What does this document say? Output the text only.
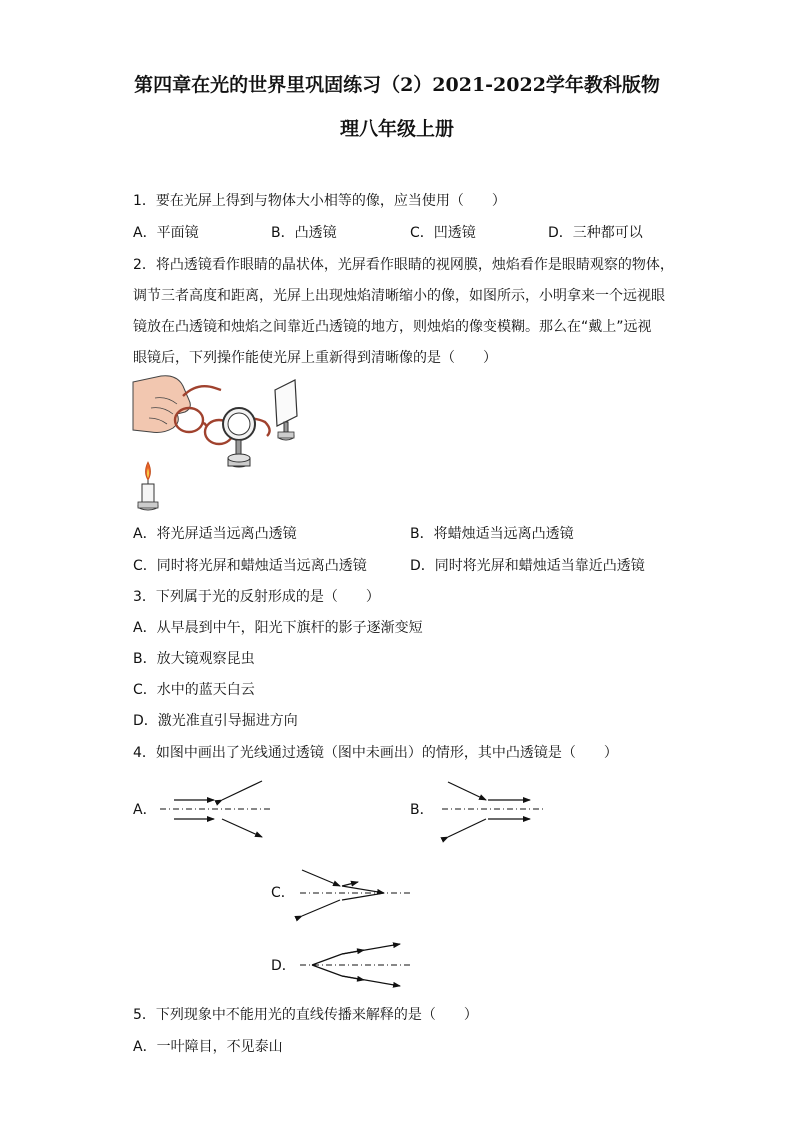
第四章在光的世界里巩固练习（2）2021-2022学年教科版物
理八年级上册
1．要在光屏上得到与物体大小相等的像，应当使用（　　）
A．平面镜	B．凸透镜	C．凹透镜	D．三种都可以
2．将凸透镜看作眼睛的晶状体，光屏看作眼睛的视网膜，烛焰看作是眼睛观察的物体，
调节三者高度和距离，光屏上出现烛焰清晰缩小的像，如图所示，小明拿来一个远视眼
镜放在凸透镜和烛焰之间靠近凸透镜的地方，则烛焰的像变模糊。那么在“戴上”远视
眼镜后，下列操作能使光屏上重新得到清晰像的是（　　）
A．将光屏适当远离凸透镜	B．将蜡烛适当远离凸透镜
C．同时将光屏和蜡烛适当远离凸透镜	D．同时将光屏和蜡烛适当靠近凸透镜
3．下列属于光的反射形成的是（　　）
A．从早晨到中午，阳光下旗杆的影子逐渐变短
B．放大镜观察昆虫
C．水中的蓝天白云
D．激光准直引导掘进方向
4．如图中画出了光线通过透镜（图中未画出）的情形，其中凸透镜是（　　）
A．	B．
C．
D．
5．下列现象中不能用光的直线传播来解释的是（　　）
A．一叶障目，不见泰山
